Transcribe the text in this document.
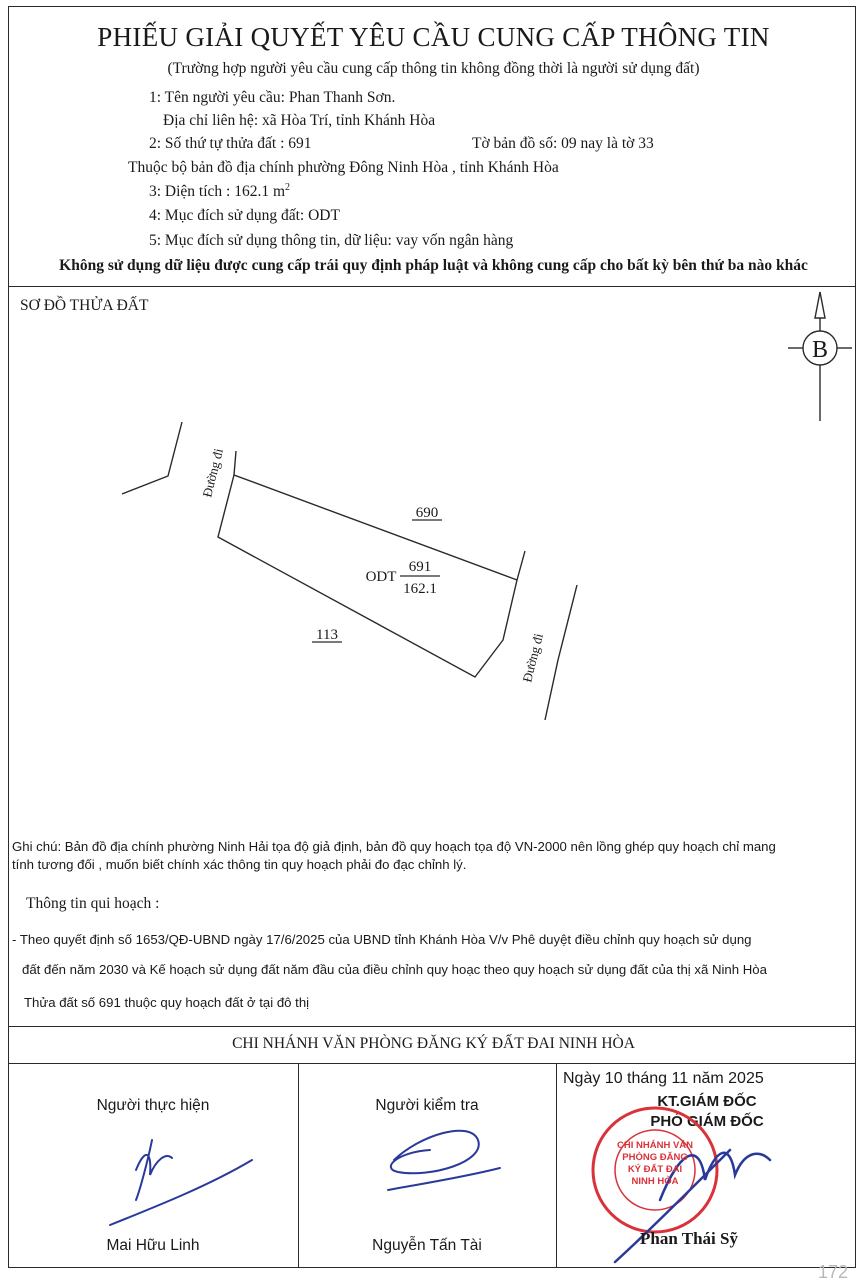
PHIẾU GIẢI QUYẾT YÊU CẦU CUNG CẤP THÔNG TIN
(Trường hợp người yêu cầu cung cấp thông tin không đồng thời là người sử dụng đất)
1: Tên người yêu cầu: Phan Thanh Sơn.
Địa chỉ liên hệ: xã Hòa Trí, tỉnh Khánh Hòa
2: Số thứ tự thửa đất : 691	Tờ bản đồ số: 09 nay là tờ 33
Thuộc bộ bản đồ địa chính phường Đông Ninh Hòa , tỉnh Khánh Hòa
3: Diện tích : 162.1 $m^2$
4: Mục đích sử dụng đất: ODT
5: Mục đích sử dụng thông tin, dữ liệu: vay vốn ngân hàng
Không sử dụng dữ liệu được cung cấp trái quy định pháp luật và không cung cấp cho bất kỳ bên thứ ba nào khác
SƠ ĐỒ THỬA ĐẤT
B
690
113
ODT
691
162.1
Đường đi
Đường đi
Ghi chú: Bản đồ địa chính phường Ninh Hải tọa độ giả định, bản đồ quy hoạch tọa độ VN-2000 nên lồng ghép quy hoạch chỉ mang
tính tương đối , muốn biết chính xác thông tin quy hoạch phải đo đạc chỉnh lý.
Thông tin qui hoạch :
- Theo quyết định số 1653/QĐ-UBND ngày 17/6/2025 của UBND tỉnh Khánh Hòa V/v Phê duyệt điều chỉnh quy hoạch sử dụng
đất đến năm 2030 và Kế hoạch sử dụng đất năm đầu của điều chỉnh quy hoạc theo quy hoạch sử dụng đất của thị xã Ninh Hòa
Thửa đất số 691 thuộc quy hoạch đất ở tại đô thị
CHI NHÁNH VĂN PHÒNG ĐĂNG KÝ ĐẤT ĐAI NINH HÒA
Người thực hiện	Người kiểm tra
Ngày 10 tháng 11 năm 2025
KT.GIÁM ĐỐC
PHÓ GIÁM ĐỐC
CHI NHÁNH VĂN PHÒNG ĐĂNG KÝ ĐẤT ĐAI NINH HÒA
Mai Hữu Linh	Nguyễn Tấn Tài	Phan Thái Sỹ
172
